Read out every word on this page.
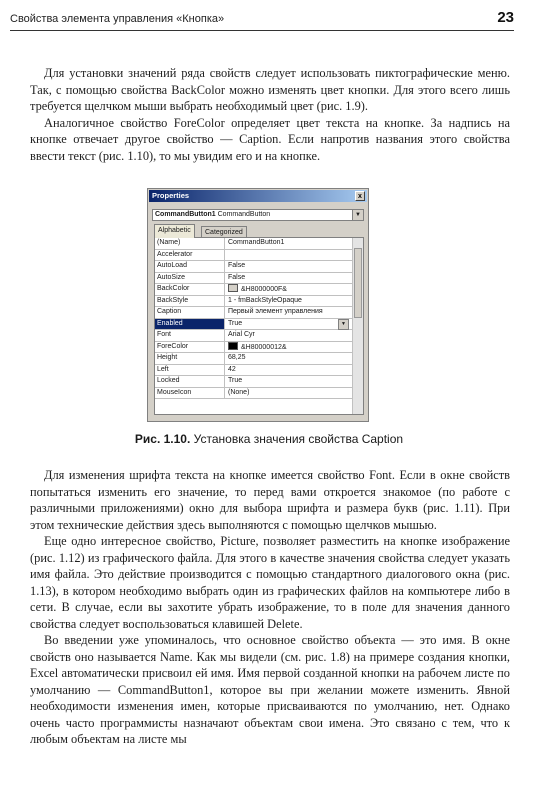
Свойства элемента управления «Кнопка»	23

Для установки значений ряда свойств следует использовать пиктографические меню. Так, с помощью свойства BackColor можно изменять цвет кнопки. Для этого всего лишь требуется щелчком мыши выбрать необходимый цвет (рис. 1.9).

Аналогичное свойство ForeColor определяет цвет текста на кнопке. За надпись на кнопке отвечает другое свойство — Caption. Если напротив названия этого свойства ввести текст (рис. 1.10), то мы увидим его и на кнопке.

Properties	x
CommandButton1 CommandButton	▼
Alphabetic	Categorized
(Name)	CommandButton1
Accelerator
AutoLoad	False
AutoSize	False
BackColor	&H8000000F&
BackStyle	1 - fmBackStyleOpaque
Caption	Первый элемент управления
Enabled	True	▼
Font	Arial Cyr
ForeColor	&H80000012&
Height	68,25
Left	42
Locked	True
MouseIcon	(None)
Рис. 1.10. Установка значения свойства Caption

Для изменения шрифта текста на кнопке имеется свойство Font. Если в окне свойств попытаться изменить его значение, то перед вами откроется знакомое (по работе с различными приложениями) окно для выбора шрифта и размера букв (рис. 1.11). При этом технические действия здесь выполняются с помощью щелчков мышью.

Еще одно интересное свойство, Picture, позволяет разместить на кнопке изображение (рис. 1.12) из графического файла. Для этого в качестве значения свойства следует указать имя файла. Это действие производится с помощью стандартного диалогового окна (рис. 1.13), в котором необходимо выбрать один из графических файлов на компьютере либо в сети. В случае, если вы захотите убрать изображение, то в поле для значения данного свойства следует воспользоваться клавишей Delete.

Во введении уже упоминалось, что основное свойство объекта — это имя. В окне свойств оно называется Name. Как мы видели (см. рис. 1.8) на примере создания кнопки, Excel автоматически присвоил ей имя. Имя первой созданной кнопки на рабочем листе по умолчанию — CommandButton1, которое вы при желании можете изменить. Явной необходимости изменения имен, которые присваиваются по умолчанию, нет. Однако очень часто программисты назначают объектам свои имена. Это связано с тем, что к любым объектам на листе мы
